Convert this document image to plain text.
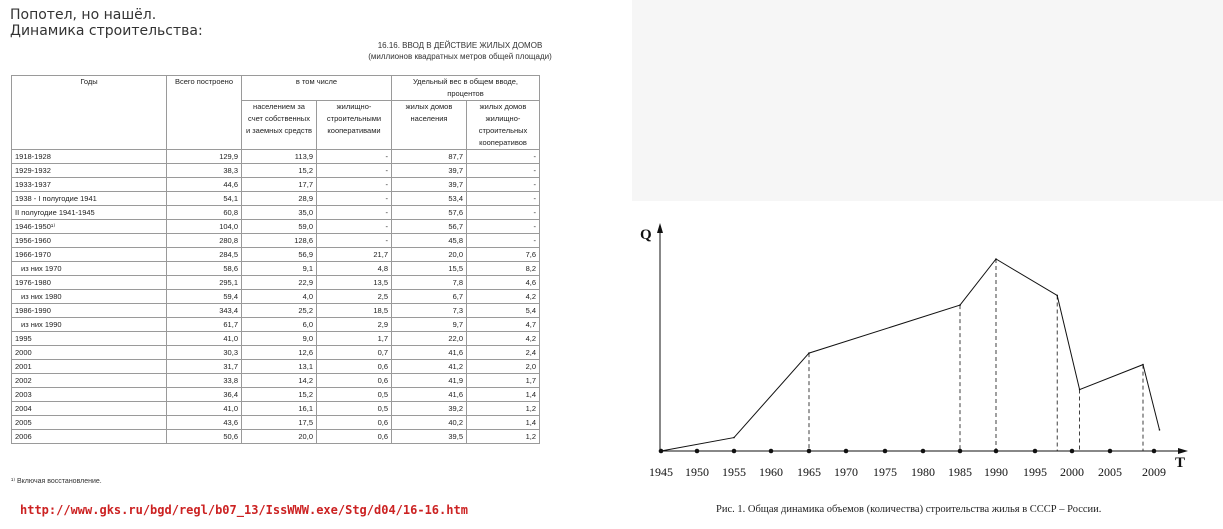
Попотел, но нашёл.
Динамика строительства:
16.16. ВВОД В ДЕЙСТВИЕ ЖИЛЫХ ДОМОВ
(миллионов квадратных метров общей площади)
Годы	Всего построено	в том числе		Удельный вес в общем вводе, процентов	
		населением за счет собственных и заемных средств	жилищно-строительными кооперативами	жилых домов населения	жилых домов жилищно-строительных кооперативов
1918-1928	129,9	113,9	-	87,7	-
1929-1932	38,3	15,2	-	39,7	-
1933-1937	44,6	17,7	-	39,7	-
1938 - I полугодие 1941	54,1	28,9	-	53,4	-
II полугодие 1941-1945	60,8	35,0	-	57,6	-
1946-1950¹⁾	104,0	59,0	-	56,7	-
1956-1960	280,8	128,6	-	45,8	-
1966-1970	284,5	56,9	21,7	20,0	7,6
из них 1970	58,6	9,1	4,8	15,5	8,2
1976-1980	295,1	22,9	13,5	7,8	4,6
из них 1980	59,4	4,0	2,5	6,7	4,2
1986-1990	343,4	25,2	18,5	7,3	5,4
из них 1990	61,7	6,0	2,9	9,7	4,7
1995	41,0	9,0	1,7	22,0	4,2
2000	30,3	12,6	0,7	41,6	2,4
2001	31,7	13,1	0,6	41,2	2,0
2002	33,8	14,2	0,6	41,9	1,7
2003	36,4	15,2	0,5	41,6	1,4
2004	41,0	16,1	0,5	39,2	1,2
2005	43,6	17,5	0,6	40,2	1,4
2006	50,6	20,0	0,6	39,5	1,2
¹⁾ Включая восстановление.
http://www.gks.ru/bgd/regl/b07_13/IssWWW.exe/Stg/d04/16-16.htm
Q
T
1945 1950 1955 1960 1965 1970 1975 1980 1985 1990 1995 2000 2005 2009
Рис. 1. Общая динамика объемов (количества) строительства жилья в СССР – России.
